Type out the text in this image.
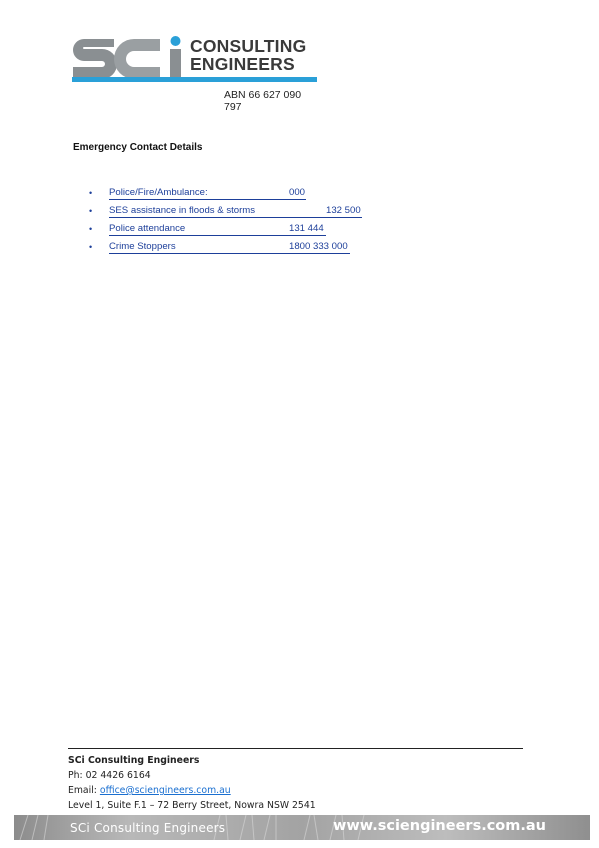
CONSULTING
ENGINEERS
ABN 66 627 090 797
Emergency Contact Details
• Police/Fire/Ambulance:	000
• SES assistance in floods & storms	132 500
• Police attendance	131 444
• Crime Stoppers	1800 333 000
SCi Consulting Engineers
Ph: 02 4426 6164
Email: office@sciengineers.com.au
Level 1, Suite F.1 – 72 Berry Street, Nowra NSW 2541
SCi Consulting Engineers	www.sciengineers.com.au
